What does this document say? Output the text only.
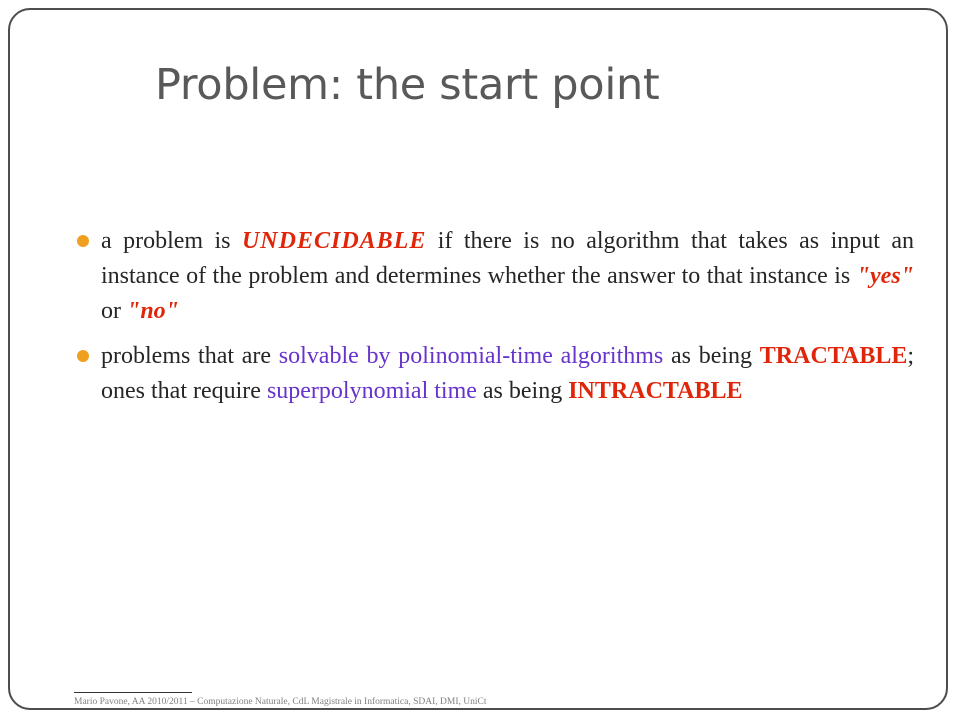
Problem: the start point
a problem is UNDECIDABLE if there is no algorithm that takes as input an instance of the problem and determines whether the answer to that instance is "yes" or "no"
problems that are solvable by polinomial-time algorithms as being TRACTABLE; ones that require superpolynomial time as being INTRACTABLE
Mario Pavone, AA 2010/2011 – Computazione Naturale, CdL Magistrale in Informatica, SDAI, DMI, UniCt
